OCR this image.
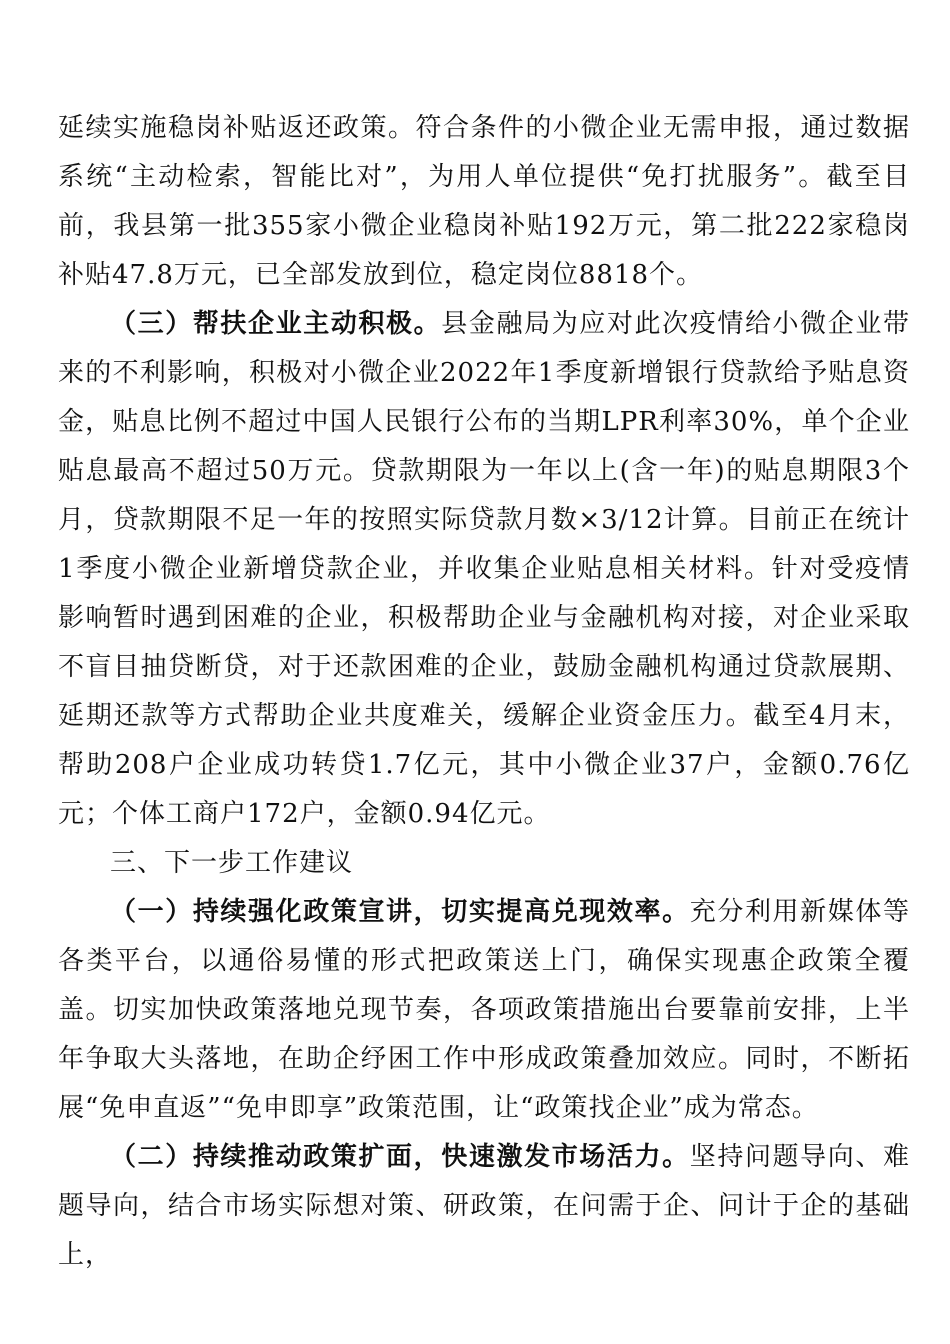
延续实施稳岗补贴返还政策。符合条件的小微企业无需申报，通过数据系统“主动检索，智能比对”，为用人单位提供“免打扰服务”。截至目前，我县第一批355家小微企业稳岗补贴192万元，第二批222家稳岗补贴47.8万元，已全部发放到位，稳定岗位8818个。

（三）帮扶企业主动积极。县金融局为应对此次疫情给小微企业带来的不利影响，积极对小微企业2022年1季度新增银行贷款给予贴息资金，贴息比例不超过中国人民银行公布的当期LPR利率30%，单个企业贴息最高不超过50万元。贷款期限为一年以上(含一年)的贴息期限3个月，贷款期限不足一年的按照实际贷款月数×3/12计算。目前正在统计1季度小微企业新增贷款企业，并收集企业贴息相关材料。针对受疫情影响暂时遇到困难的企业，积极帮助企业与金融机构对接，对企业采取不盲目抽贷断贷，对于还款困难的企业，鼓励金融机构通过贷款展期、延期还款等方式帮助企业共度难关，缓解企业资金压力。截至4月末，帮助208户企业成功转贷1.7亿元，其中小微企业37户，金额0.76亿元；个体工商户172户，金额0.94亿元。

三、下一步工作建议

（一）持续强化政策宣讲，切实提高兑现效率。充分利用新媒体等各类平台，以通俗易懂的形式把政策送上门，确保实现惠企政策全覆盖。切实加快政策落地兑现节奏，各项政策措施出台要靠前安排，上半年争取大头落地，在助企纾困工作中形成政策叠加效应。同时，不断拓展“免申直返”“免申即享”政策范围，让“政策找企业”成为常态。

（二）持续推动政策扩面，快速激发市场活力。坚持问题导向、难题导向，结合市场实际想对策、研政策，在问需于企、问计于企的基础上，
